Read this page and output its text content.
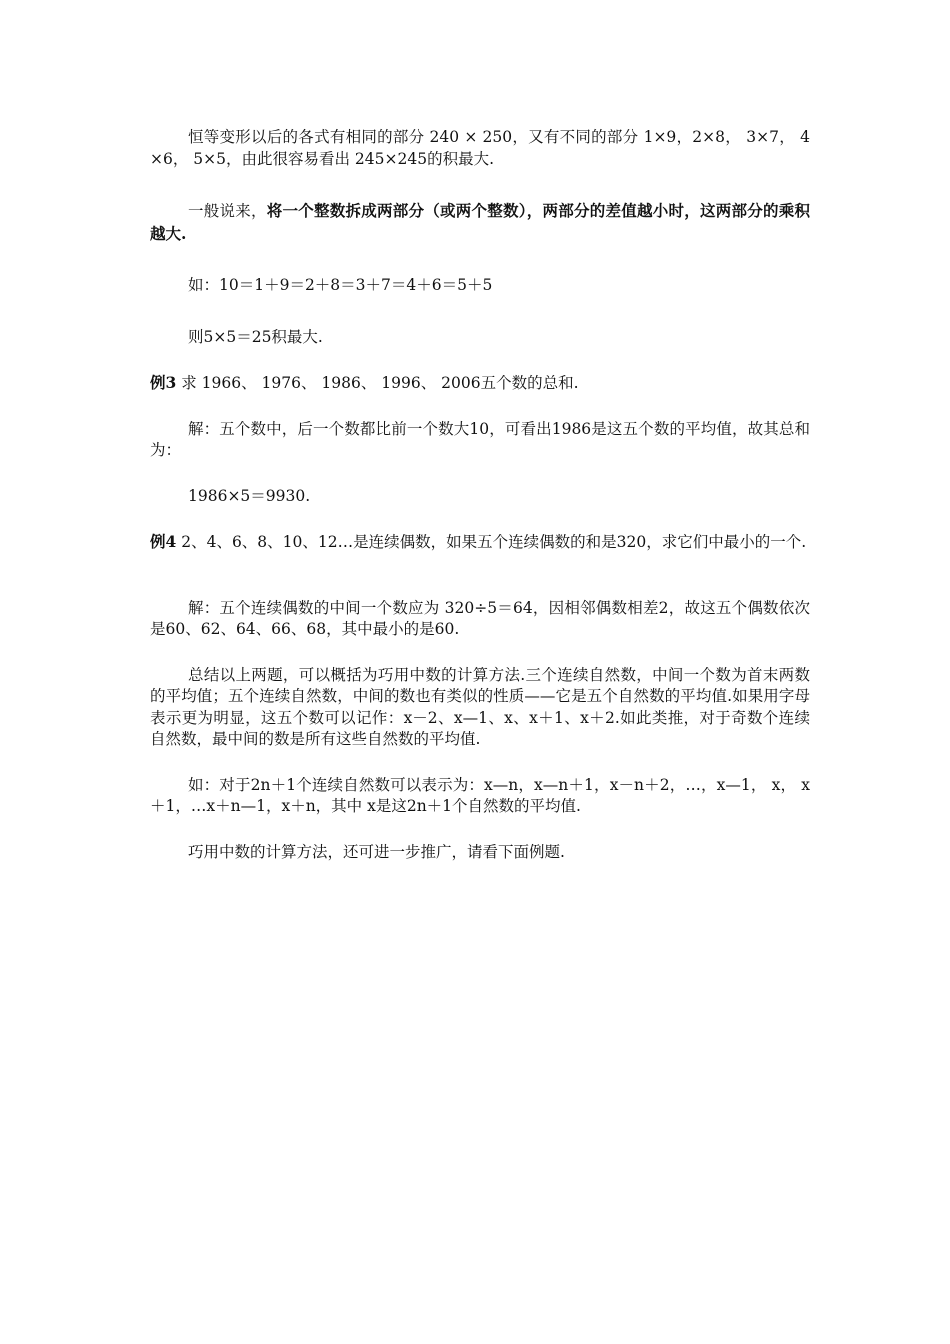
恒等变形以后的各式有相同的部分 240 × 250，又有不同的部分 1×9，2×8， 3×7， 4 ×6， 5×5，由此很容易看出 245×245的积最大.

一般说来，将一个整数拆成两部分（或两个整数），两部分的差值越小时，这两部分的乘积越大.

如：10＝1＋9＝2＋8＝3＋7＝4＋6＝5＋5

则5×5＝25积最大.

例3 求 1966、 1976、 1986、 1996、 2006五个数的总和.

解：五个数中，后一个数都比前一个数大10，可看出1986是这五个数的平均值，故其总和为：

1986×5＝9930.

例4 2、4、6、8、10、12…是连续偶数，如果五个连续偶数的和是320，求它们中最小的一个.

解：五个连续偶数的中间一个数应为 320÷5＝64，因相邻偶数相差2，故这五个偶数依次是60、62、64、66、68，其中最小的是60.

总结以上两题，可以概括为巧用中数的计算方法.三个连续自然数，中间一个数为首末两数的平均值；五个连续自然数，中间的数也有类似的性质——它是五个自然数的平均值.如果用字母表示更为明显，这五个数可以记作：x－2、x—1、x、x＋1、x＋2.如此类推，对于奇数个连续自然数，最中间的数是所有这些自然数的平均值.

如：对于2n＋1个连续自然数可以表示为：x—n，x—n＋1，x－n＋2，…，x—1， x， x＋1，…x＋n—1，x＋n，其中 x是这2n＋1个自然数的平均值.

巧用中数的计算方法，还可进一步推广，请看下面例题.
